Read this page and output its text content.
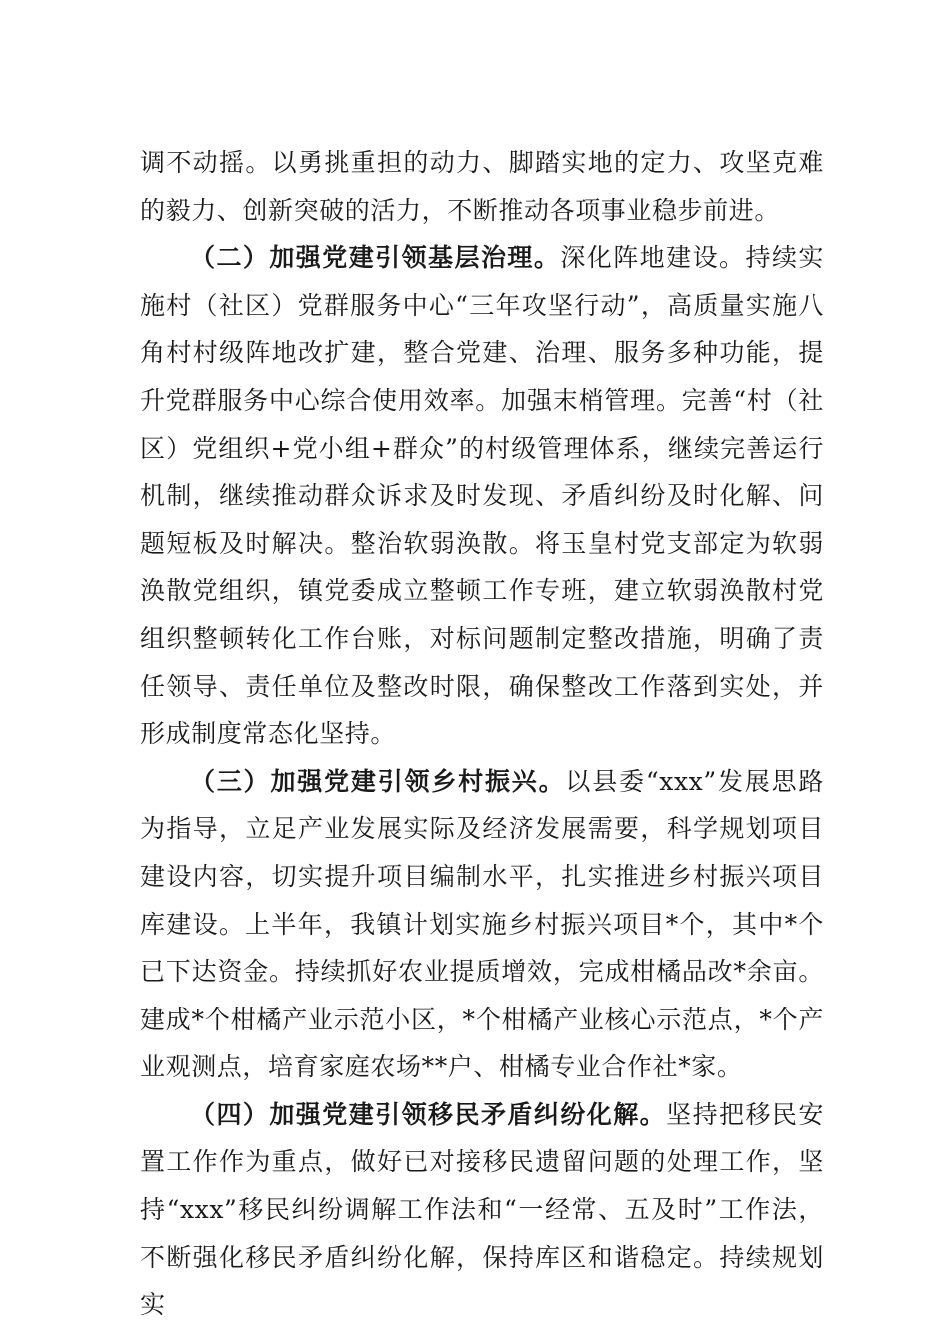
调不动摇。以勇挑重担的动力、脚踏实地的定力、攻坚克难的毅力、创新突破的活力，不断推动各项事业稳步前进。

（二）加强党建引领基层治理。深化阵地建设。持续实施村（社区）党群服务中心“三年攻坚行动”，高质量实施八角村村级阵地改扩建，整合党建、治理、服务多种功能，提升党群服务中心综合使用效率。加强末梢管理。完善“村（社区）党组织+党小组+群众”的村级管理体系，继续完善运行机制，继续推动群众诉求及时发现、矛盾纠纷及时化解、问题短板及时解决。整治软弱涣散。将玉皇村党支部定为软弱涣散党组织，镇党委成立整顿工作专班，建立软弱涣散村党组织整顿转化工作台账，对标问题制定整改措施，明确了责任领导、责任单位及整改时限，确保整改工作落到实处，并形成制度常态化坚持。

（三）加强党建引领乡村振兴。以县委“xxx”发展思路为指导，立足产业发展实际及经济发展需要，科学规划项目建设内容，切实提升项目编制水平，扎实推进乡村振兴项目库建设。上半年，我镇计划实施乡村振兴项目*个，其中*个已下达资金。持续抓好农业提质增效，完成柑橘品改*余亩。建成*个柑橘产业示范小区，*个柑橘产业核心示范点，*个产业观测点，培育家庭农场**户、柑橘专业合作社*家。

（四）加强党建引领移民矛盾纠纷化解。坚持把移民安置工作作为重点，做好已对接移民遗留问题的处理工作，坚持“xxx”移民纠纷调解工作法和“一经常、五及时”工作法，不断强化移民矛盾纠纷化解，保持库区和谐稳定。持续规划实
